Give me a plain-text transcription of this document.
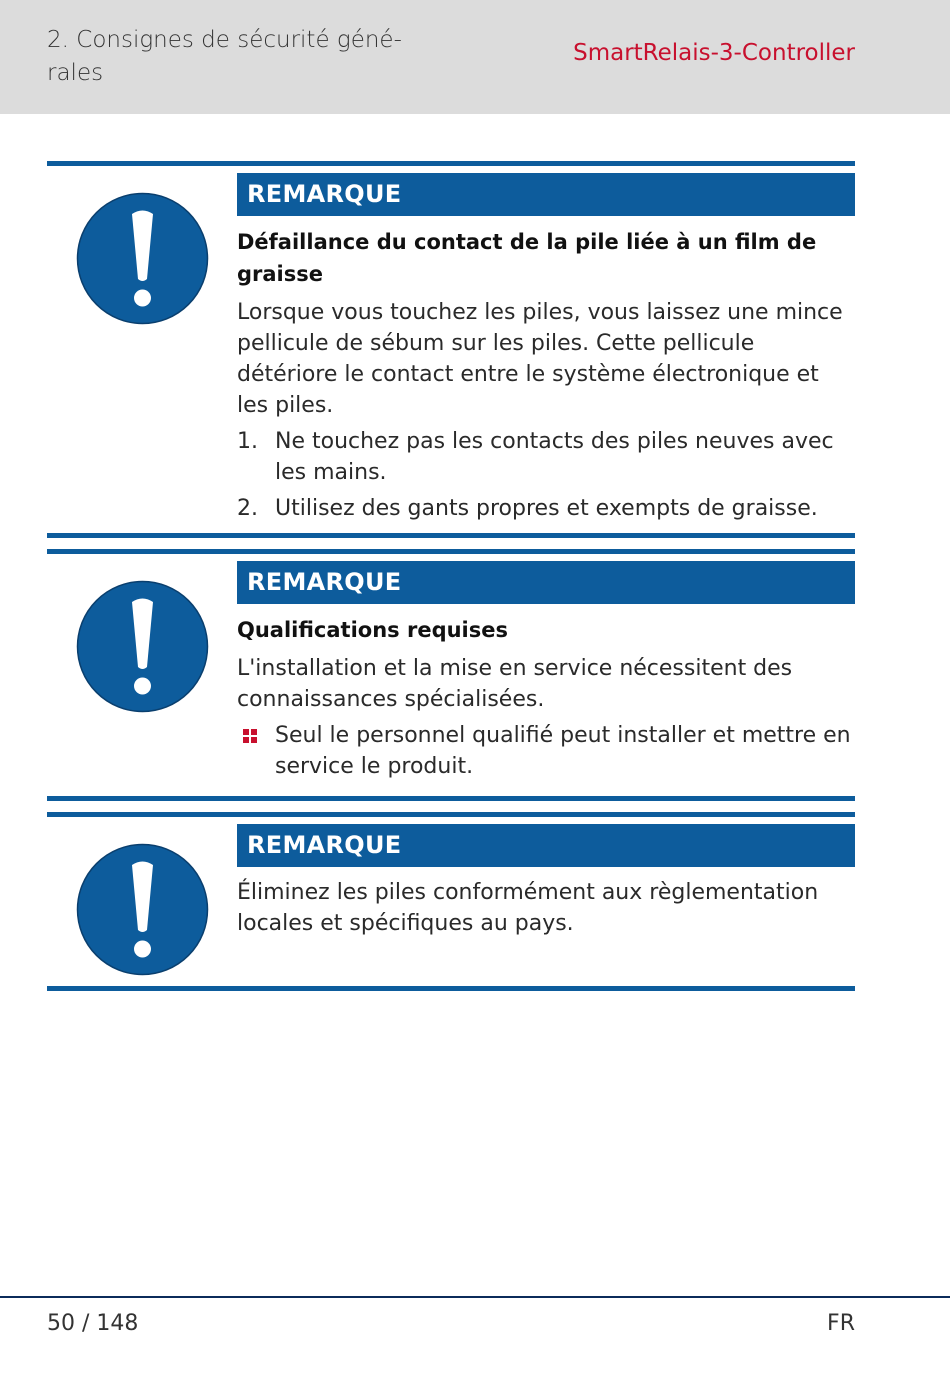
2. Consignes de sécurité géné-
rales
SmartRelais-3-Controller
REMARQUE
Défaillance du contact de la pile liée à un film de graisse
Lorsque vous touchez les piles, vous laissez une mince pellicule de sébum sur les piles. Cette pellicule détériore le contact entre le système électronique et les piles.
1. Ne touchez pas les contacts des piles neuves avec les mains.
2. Utilisez des gants propres et exempts de graisse.
REMARQUE
Qualifications requises
L'installation et la mise en service nécessitent des connaissances spécialisées.
Seul le personnel qualifié peut installer et mettre en service le produit.
REMARQUE
Éliminez les piles conformément aux règlementation locales et spécifiques au pays.
50 / 148	FR
